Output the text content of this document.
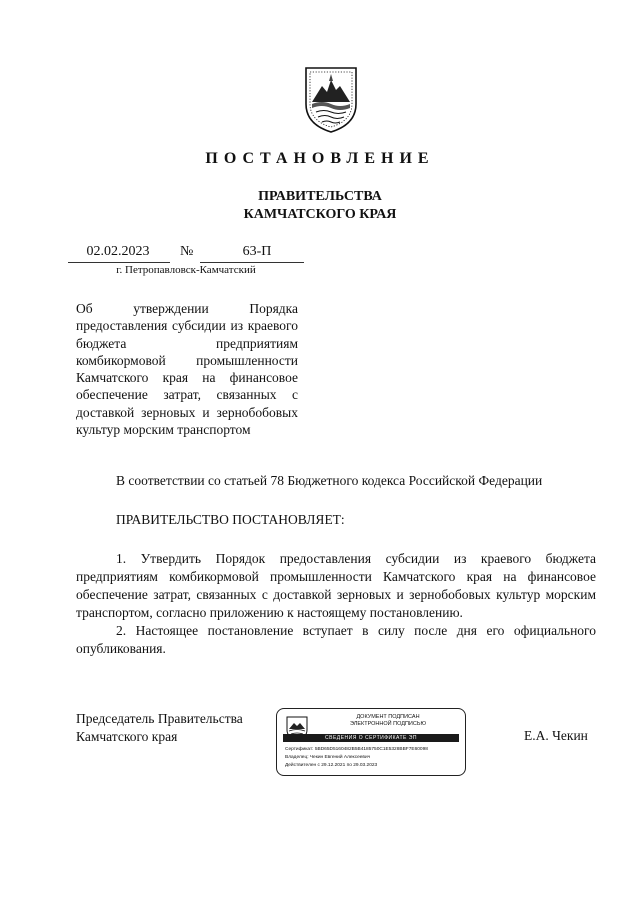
ПОСТАНОВЛЕНИЕ
ПРАВИТЕЛЬСТВА
КАМЧАТСКОГО КРАЯ
02.02.2023	№	63-П
г. Петропавловск-Камчатский
Об утверждении Порядка предоставления субсидии из краевого бюджета предприятиям комбикормовой промышленности Камчатского края на финансовое обеспечение затрат, связанных с доставкой зерновых и зернобобовых культур морским транспортом
В соответствии со статьей 78 Бюджетного кодекса Российской Федерации
ПРАВИТЕЛЬСТВО ПОСТАНОВЛЯЕТ:

1. Утвердить Порядок предоставления субсидии из краевого бюджета предприятиям комбикормовой промышленности Камчатского края на финансовое обеспечение затрат, связанных с доставкой зерновых и зернобобовых культур морским транспортом, согласно приложению к настоящему постановлению.

2. Настоящее постановление вступает в силу после дня его официального опубликования.

Председатель Правительства
Камчатского края
ДОКУМЕНТ ПОДПИСАН
ЭЛЕКТРОННОЙ ПОДПИСЬЮ
СВЕДЕНИЯ О СЕРТИФИКАТЕ ЭП
Сертификат: 5BD65D5160482B5B4185750C1E5328BBF7E60098
Владелец: Чекин Евгений Алексеевич
Действителен с 29.12.2021 по 29.03.2023
Е.А. Чекин
